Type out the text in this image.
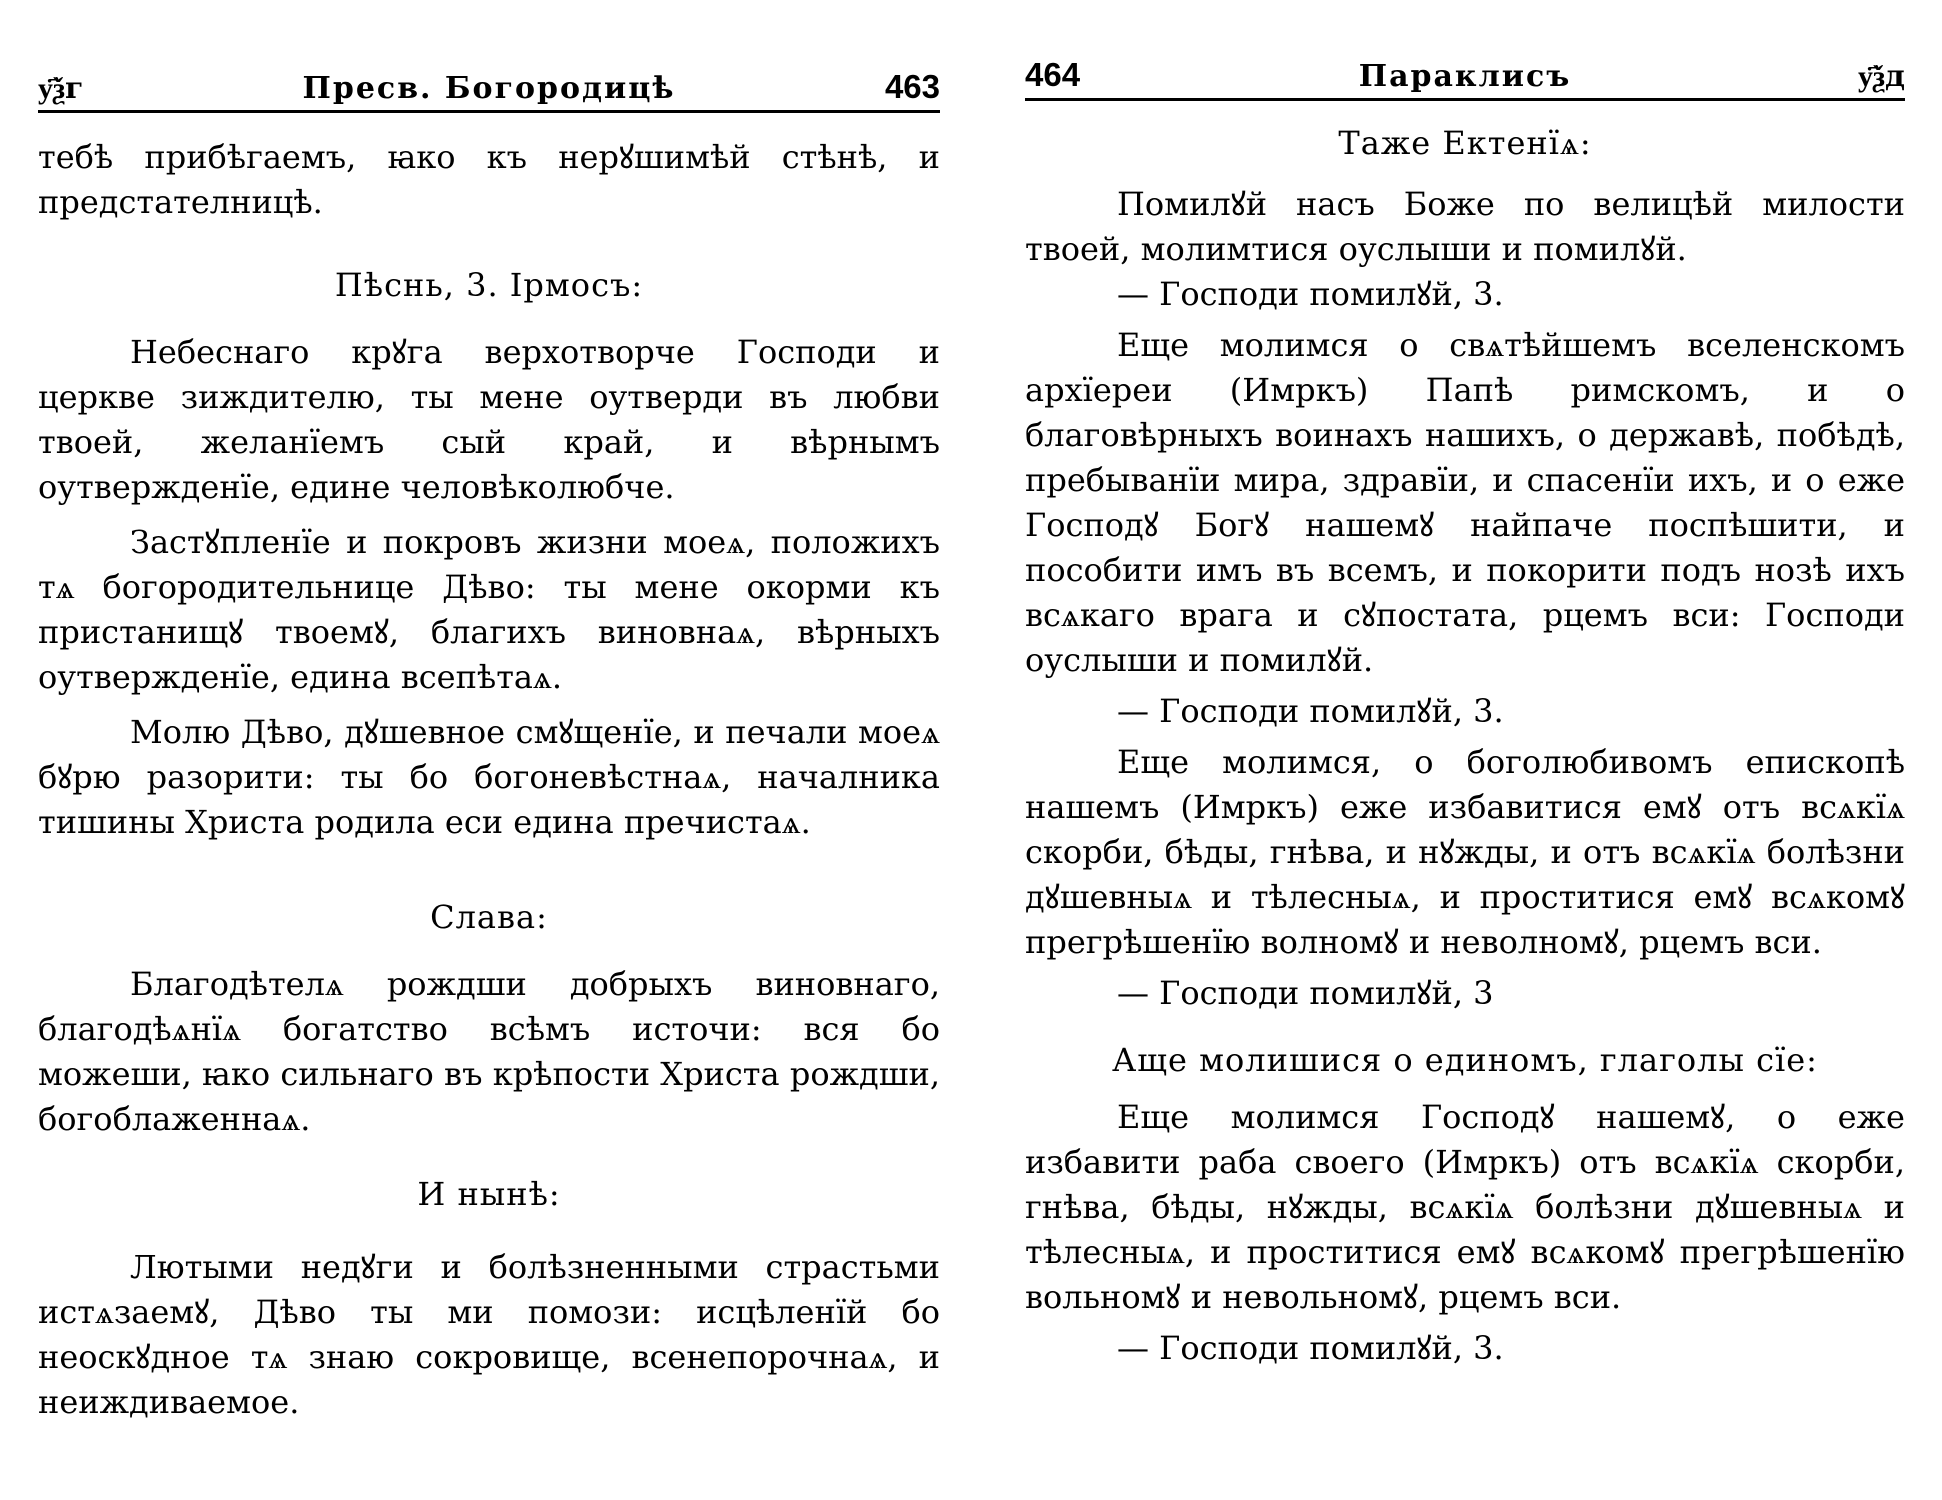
у҃ѯг	Пресв. Богородицѣ	463

тебѣ прибѣгаемъ, ꙗко къ нерꙋшимѣй стѣнѣ, и предстателницѣ.

Пѣснь, 3. Ірмосъ:

Небеснаго крꙋга верхотворче Господи и церкве зиждителю, ты мене оутверди въ любви твоей, желанїемъ сый край, и вѣрнымъ оутвержденїе, едине человѣколюбче.

Застꙋпленїе и покровъ жизни моеѧ, положихъ тѧ богородительнице Дѣво: ты мене окорми къ пристанищꙋ твоемꙋ, благихъ виновнаѧ, вѣрныхъ оутвержденїе, едина всепѣтаѧ.

Молю Дѣво, дꙋшевное смꙋщенїе, и печали моеѧ бꙋрю разорити: ты бо богоневѣстнаѧ, началника тишины Христа родила еси едина пречистаѧ.

Слава:

Благодѣтелѧ рождши добрыхъ виновнаго, благодѣѧнїѧ богатство всѣмъ источи: вся бо можеши, ꙗко сильнаго въ крѣпости Христа рождши, богоблаженнаѧ.

И нынѣ:

Лютыми недꙋги и болѣзненными страстьми истѧзаемꙋ, Дѣво ты ми помози: исцѣленїй бо неоскꙋдное тѧ знаю сокровище, всенепорочнаѧ, и неиждиваемое.

464	Параклисъ	у҃ѯд

Таже Ектенїѧ:

Помилꙋй насъ Боже по велицѣй милости твоей, молимтися оуслыши и помилꙋй.

— Господи помилꙋй, 3.

Еще молимся о свѧтѣйшемъ вселенскомъ архїереи (Имркъ) Папѣ римскомъ, и о благовѣрныхъ воинахъ нашихъ, о державѣ, побѣдѣ, пребыванїи мира, здравїи, и спасенїи ихъ, и о еже Господꙋ Богꙋ нашемꙋ найпаче поспѣшити, и пособити имъ въ всемъ, и покорити подъ нозѣ ихъ всѧкаго врага и сꙋпостата, рцемъ вси: Господи оуслыши и помилꙋй.

— Господи помилꙋй, 3.

Еще молимся, о боголюбивомъ епископѣ нашемъ (Имркъ) еже избавитися емꙋ отъ всѧкїѧ скорби, бѣды, гнѣва, и нꙋжды, и отъ всѧкїѧ болѣзни дꙋшевныѧ и тѣлесныѧ, и проститися емꙋ всѧкомꙋ прегрѣшенїю волномꙋ и неволномꙋ, рцемъ вси.

— Господи помилꙋй, 3

Аще молишися о единомъ, глаголы сїе:

Еще молимся Господꙋ нашемꙋ, о еже избавити раба своего (Имркъ) отъ всѧкїѧ скорби, гнѣва, бѣды, нꙋжды, всѧкїѧ болѣзни дꙋшевныѧ и тѣлесныѧ, и проститися емꙋ всѧкомꙋ прегрѣшенїю вольномꙋ и невольномꙋ, рцемъ вси.

— Господи помилꙋй, 3.
